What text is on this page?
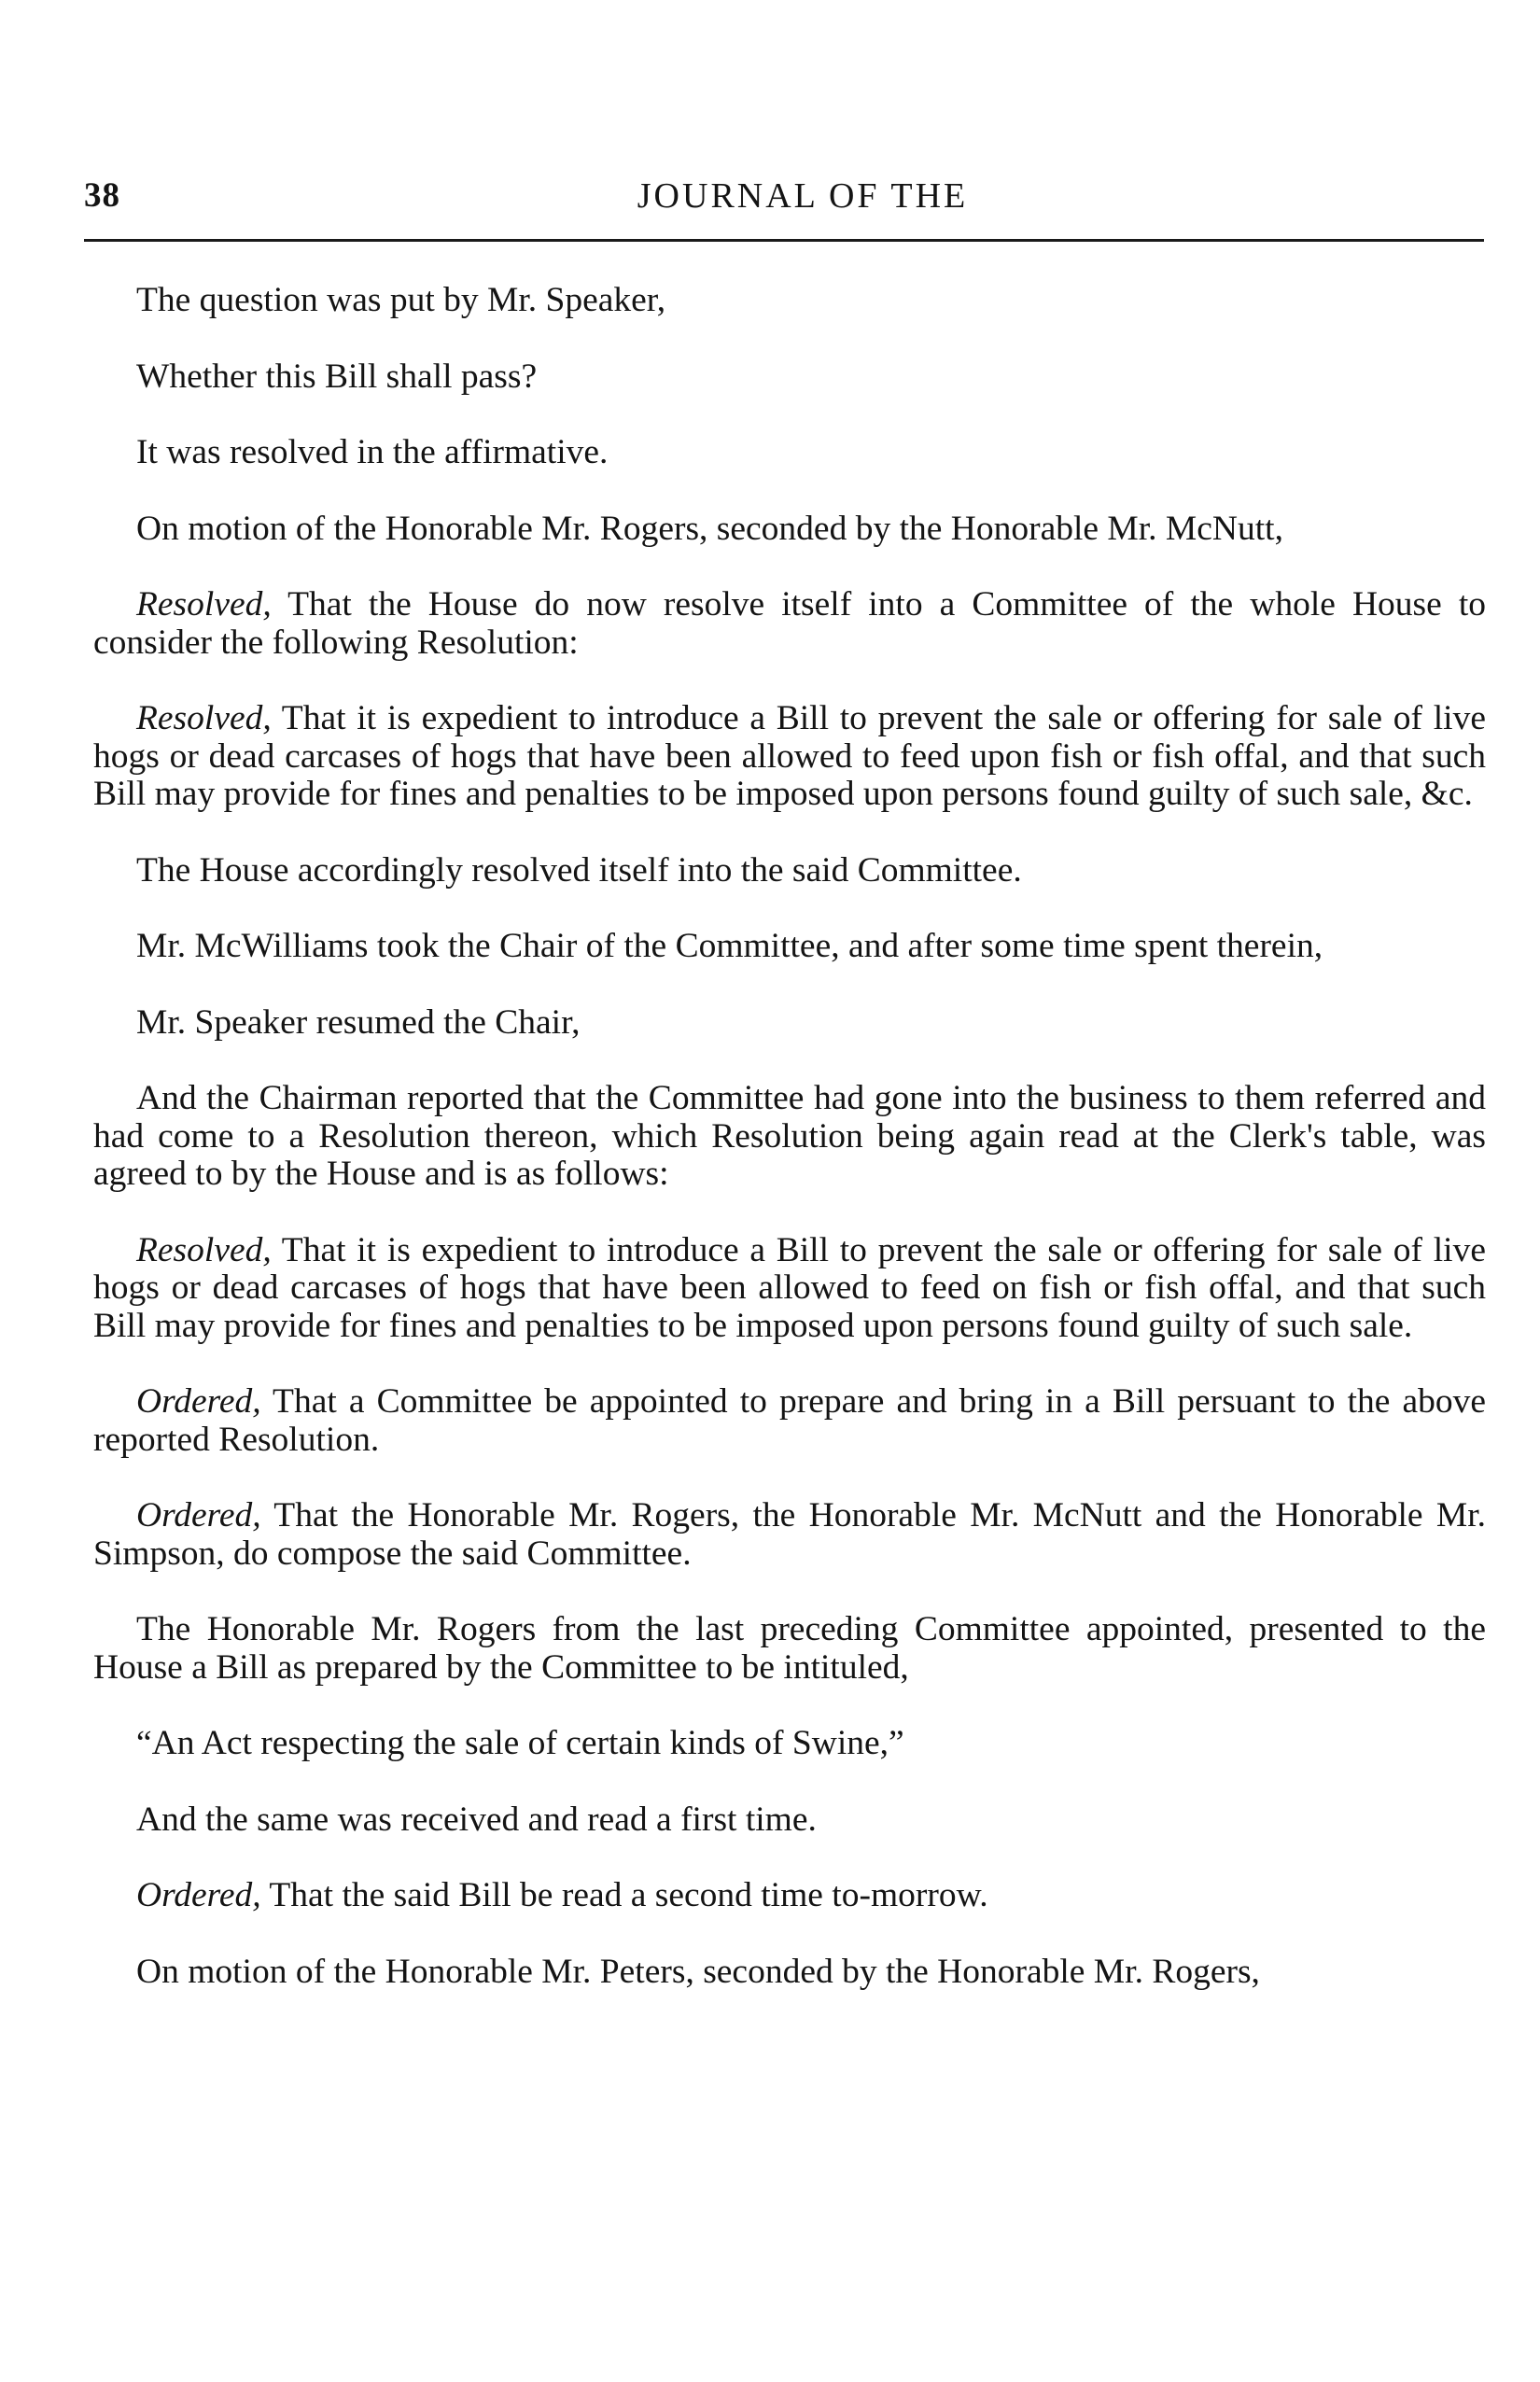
38	JOURNAL OF THE

The question was put by Mr. Speaker,

Whether this Bill shall pass?

It was resolved in the affirmative.

On motion of the Honorable Mr. Rogers, seconded by the Honorable Mr. McNutt,

Resolved, That the House do now resolve itself into a Committee of the whole House to consider the following Resolution:

Resolved, That it is expedient to introduce a Bill to prevent the sale or offering for sale of live hogs or dead carcases of hogs that have been allowed to feed upon fish or fish offal, and that such Bill may provide for fines and penalties to be imposed upon persons found guilty of such sale, &c.

The House accordingly resolved itself into the said Committee.

Mr. McWilliams took the Chair of the Committee, and after some time spent therein,

Mr. Speaker resumed the Chair,

And the Chairman reported that the Committee had gone into the business to them referred and had come to a Resolution thereon, which Resolution being again read at the Clerk's table, was agreed to by the House and is as follows:

Resolved, That it is expedient to introduce a Bill to prevent the sale or offering for sale of live hogs or dead carcases of hogs that have been allowed to feed on fish or fish offal, and that such Bill may provide for fines and penalties to be imposed upon persons found guilty of such sale.

Ordered, That a Committee be appointed to prepare and bring in a Bill persuant to the above reported Resolution.

Ordered, That the Honorable Mr. Rogers, the Honorable Mr. McNutt and the Honorable Mr. Simpson, do compose the said Committee.

The Honorable Mr. Rogers from the last preceding Committee appointed, presented to the House a Bill as prepared by the Committee to be intituled,

“An Act respecting the sale of certain kinds of Swine,”

And the same was received and read a first time.

Ordered, That the said Bill be read a second time to-morrow.

On motion of the Honorable Mr. Peters, seconded by the Honorable Mr. Rogers,
